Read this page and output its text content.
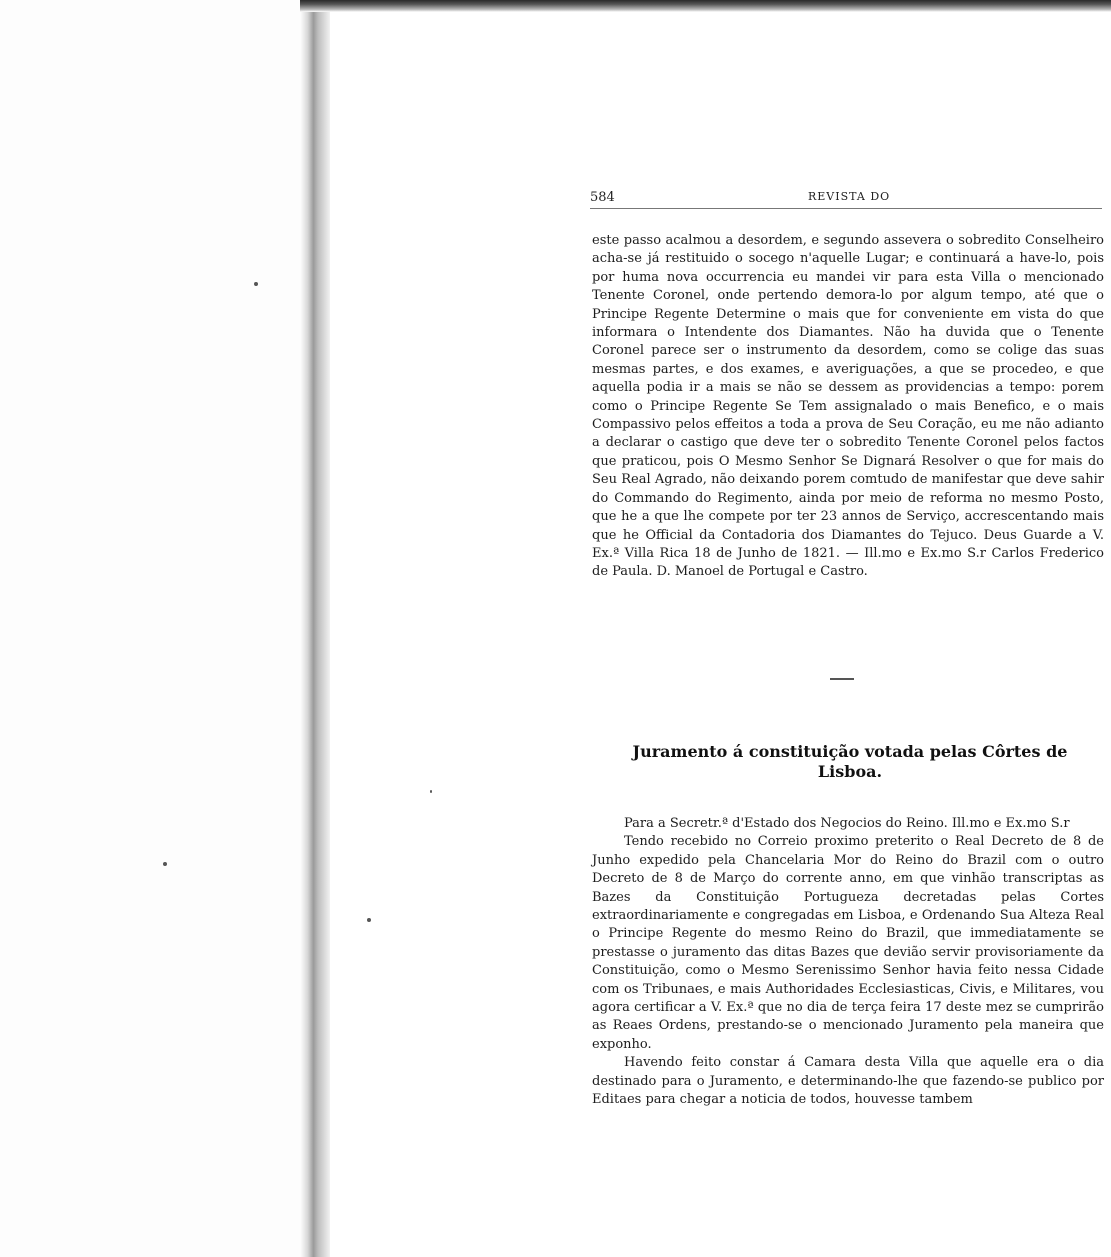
584	REVISTA DO

este passo acalmou a desordem, e segundo assevera o sobredito Conselheiro acha-se já restituido o socego n'aquelle Lugar; e continuará a have-lo, pois por huma nova occurrencia eu mandei vir para esta Villa o mencionado Tenente Coronel, onde pertendo demora-lo por algum tempo, até que o Principe Regente Determine o mais que for conveniente em vista do que informara o Intendente dos Diamantes. Não ha duvida que o Tenente Coronel parece ser o instrumento da desordem, como se colige das suas mesmas partes, e dos exames, e averiguações, a que se procedeo, e que aquella podia ir a mais se não se dessem as providencias a tempo: porem como o Principe Regente Se Tem assignalado o mais Benefico, e o mais Compassivo pelos effeitos a toda a prova de Seu Coração, eu me não adianto a declarar o castigo que deve ter o sobredito Tenente Coronel pelos factos que praticou, pois O Mesmo Senhor Se Dignará Resolver o que for mais do Seu Real Agrado, não deixando porem comtudo de manifestar que deve sahir do Commando do Regimento, ainda por meio de reforma no mesmo Posto, que he a que lhe compete por ter 23 annos de Serviço, accrescentando mais que he Official da Contadoria dos Diamantes do Tejuco. Deus Guarde a V. Ex.ª Villa Rica 18 de Junho de 1821. — Ill.mo e Ex.mo S.r Carlos Frederico de Paula. D. Manoel de Portugal e Castro.

Juramento á constituição votada pelas Côrtes de Lisboa.

Para a Secretr.ª d'Estado dos Negocios do Reino. Ill.mo e Ex.mo S.r

Tendo recebido no Correio proximo preterito o Real Decreto de 8 de Junho expedido pela Chancelaria Mor do Reino do Brazil com o outro Decreto de 8 de Março do corrente anno, em que vinhão transcriptas as Bazes da Constituição Portugueza decretadas pelas Cortes extraordinariamente e congregadas em Lisboa, e Ordenando Sua Alteza Real o Principe Regente do mesmo Reino do Brazil, que immediatamente se prestasse o juramento das ditas Bazes que devião servir provisoriamente da Constituição, como o Mesmo Serenissimo Senhor havia feito nessa Cidade com os Tribunaes, e mais Authoridades Ecclesiasticas, Civis, e Militares, vou agora certificar a V. Ex.ª que no dia de terça feira 17 deste mez se cumprirão as Reaes Ordens, prestando-se o mencionado Juramento pela maneira que exponho.

Havendo feito constar á Camara desta Villa que aquelle era o dia destinado para o Juramento, e determinando-lhe que fazendo-se publico por Editaes para chegar a noticia de todos, houvesse tambem
